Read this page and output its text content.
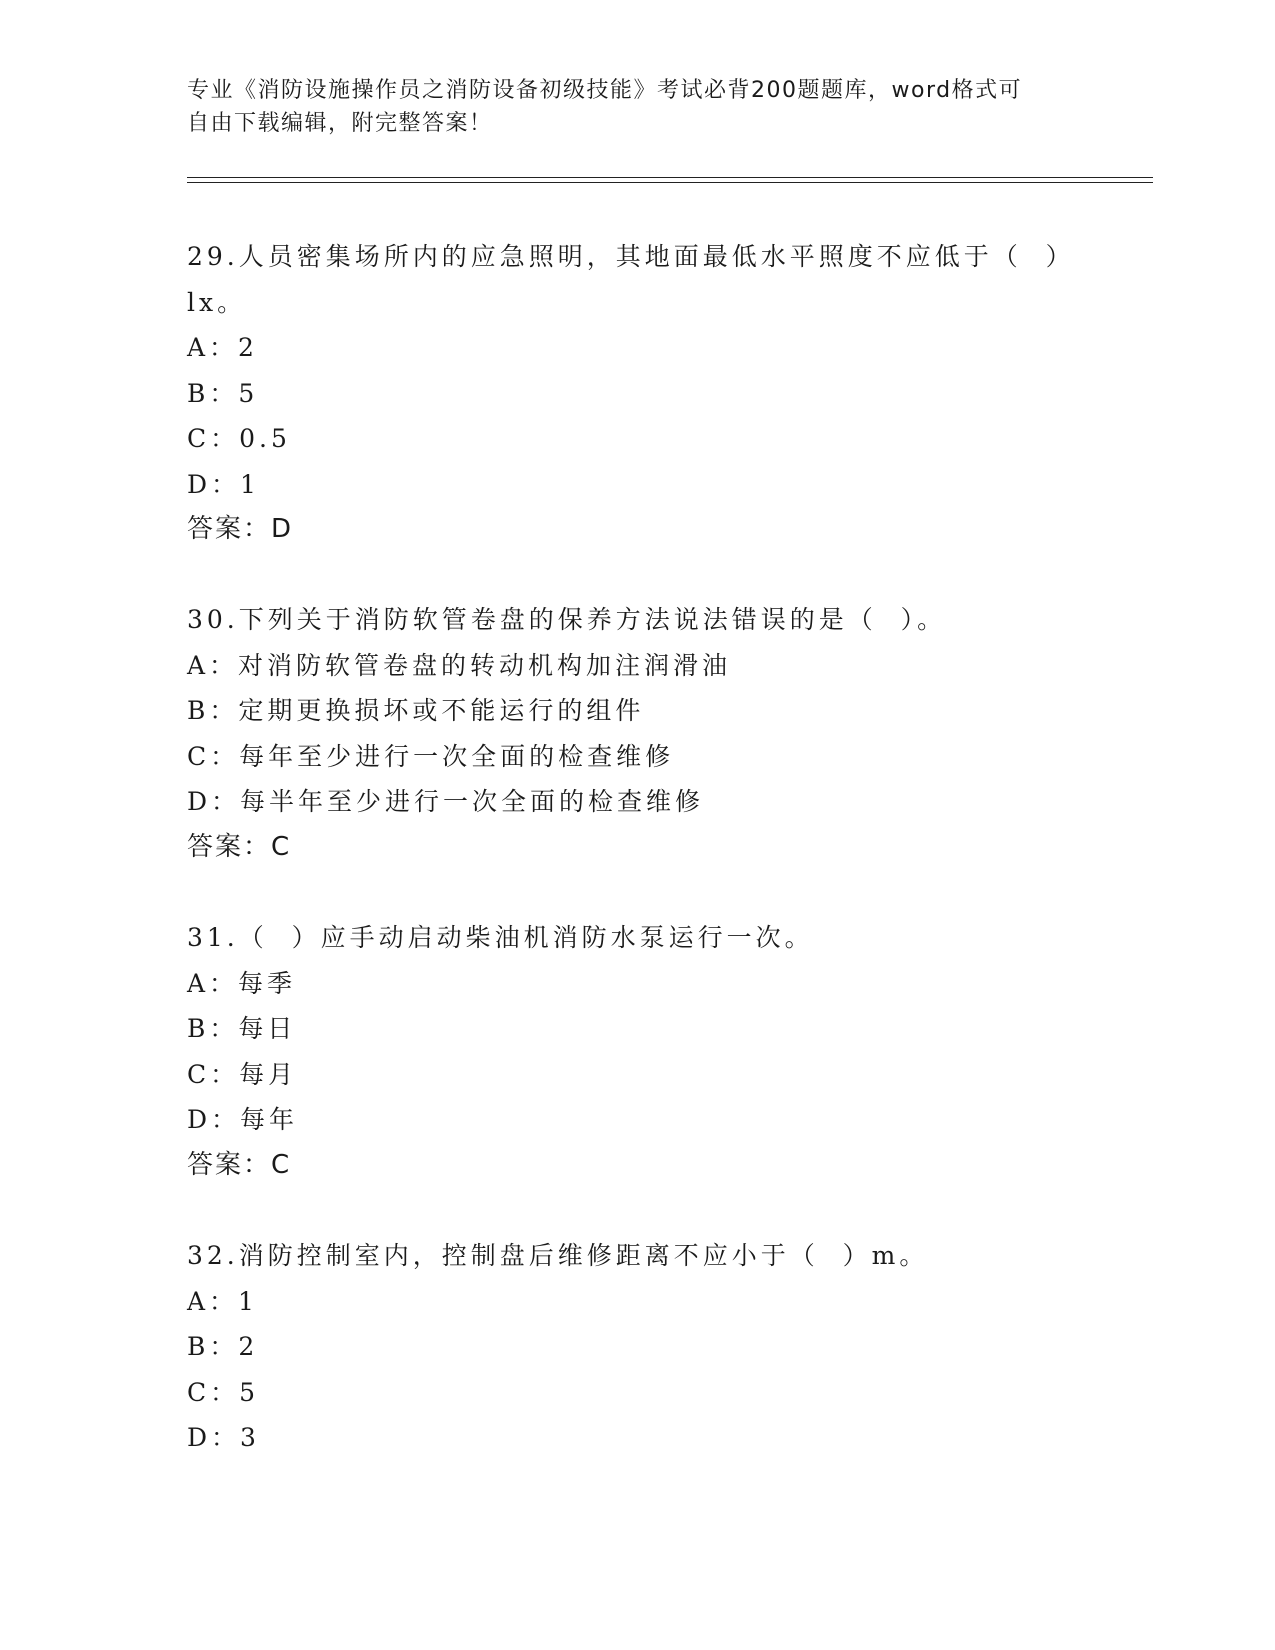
专业《消防设施操作员之消防设备初级技能》考试必背200题题库，word格式可
自由下载编辑，附完整答案！
29.人员密集场所内的应急照明，其地面最低水平照度不应低于（  ）
lx。
A：2
B：5
C：0.5
D：1
答案：D
30.下列关于消防软管卷盘的保养方法说法错误的是（  ）。
A：对消防软管卷盘的转动机构加注润滑油
B：定期更换损坏或不能运行的组件
C：每年至少进行一次全面的检查维修
D：每半年至少进行一次全面的检查维修
答案：C
31.（  ）应手动启动柴油机消防水泵运行一次。
A：每季
B：每日
C：每月
D：每年
答案：C
32.消防控制室内，控制盘后维修距离不应小于（  ）m。
A：1
B：2
C：5
D：3
